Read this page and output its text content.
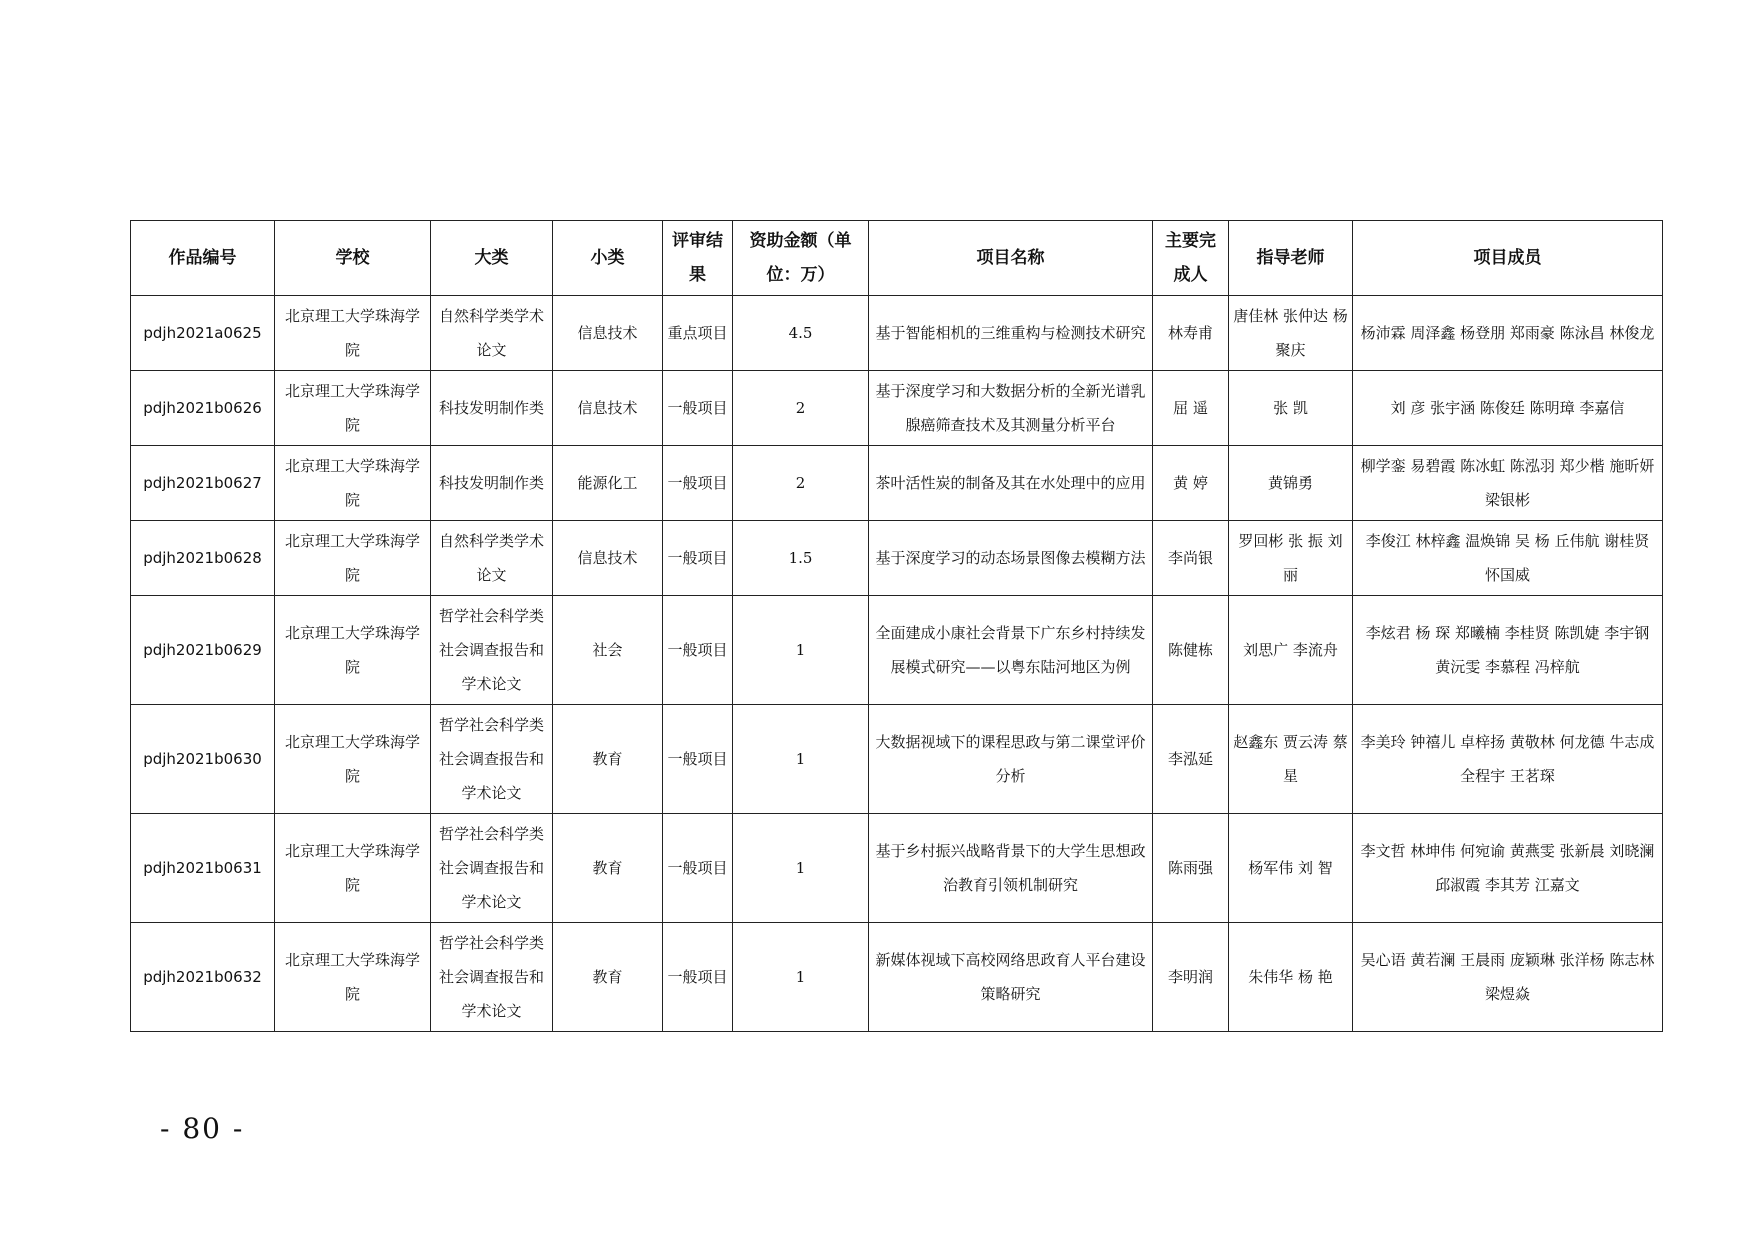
作品编号	学校	大类	小类	评审结果	资助金额（单位：万）	项目名称	主要完成人	指导老师	项目成员
pdjh2021a0625	北京理工大学珠海学院	自然科学类学术论文	信息技术	重点项目	4.5	基于智能相机的三维重构与检测技术研究	林寿甫	唐佳林 张仲达 杨聚庆	杨沛霖 周泽鑫 杨登朋 郑雨豪 陈泳昌 林俊龙
pdjh2021b0626	北京理工大学珠海学院	科技发明制作类	信息技术	一般项目	2	基于深度学习和大数据分析的全新光谱乳腺癌筛查技术及其测量分析平台	屈 遥	张 凯	刘 彦 张宇涵 陈俊廷 陈明璋 李嘉信
pdjh2021b0627	北京理工大学珠海学院	科技发明制作类	能源化工	一般项目	2	茶叶活性炭的制备及其在水处理中的应用	黄 婷	黄锦勇	柳学銮 易碧霞 陈冰虹 陈泓羽 郑少楷 施昕妍 梁银彬
pdjh2021b0628	北京理工大学珠海学院	自然科学类学术论文	信息技术	一般项目	1.5	基于深度学习的动态场景图像去模糊方法	李尚银	罗回彬 张 振 刘 丽	李俊江 林梓鑫 温焕锦 吴 杨 丘伟航 谢桂贤 怀国威
pdjh2021b0629	北京理工大学珠海学院	哲学社会科学类社会调查报告和学术论文	社会	一般项目	1	全面建成小康社会背景下广东乡村持续发展模式研究——以粤东陆河地区为例	陈健栋	刘思广 李流舟	李炫君 杨 琛 郑曦楠 李桂贤 陈凯婕 李宇钢 黄沅雯 李慕程 冯梓航
pdjh2021b0630	北京理工大学珠海学院	哲学社会科学类社会调查报告和学术论文	教育	一般项目	1	大数据视域下的课程思政与第二课堂评价分析	李泓延	赵鑫东 贾云涛 蔡 星	李美玲 钟禧儿 卓梓扬 黄敬林 何龙德 牛志成 全程宇 王茗琛
pdjh2021b0631	北京理工大学珠海学院	哲学社会科学类社会调查报告和学术论文	教育	一般项目	1	基于乡村振兴战略背景下的大学生思想政治教育引领机制研究	陈雨强	杨军伟 刘 智	李文哲 林坤伟 何宛谕 黄燕雯 张新晨 刘晓澜 邱淑霞 李其芳 江嘉文
pdjh2021b0632	北京理工大学珠海学院	哲学社会科学类社会调查报告和学术论文	教育	一般项目	1	新媒体视域下高校网络思政育人平台建设策略研究	李明润	朱伟华 杨 艳	吴心语 黄若澜 王晨雨 庞颖琳 张洋杨 陈志林 梁煜焱
- 80 -
